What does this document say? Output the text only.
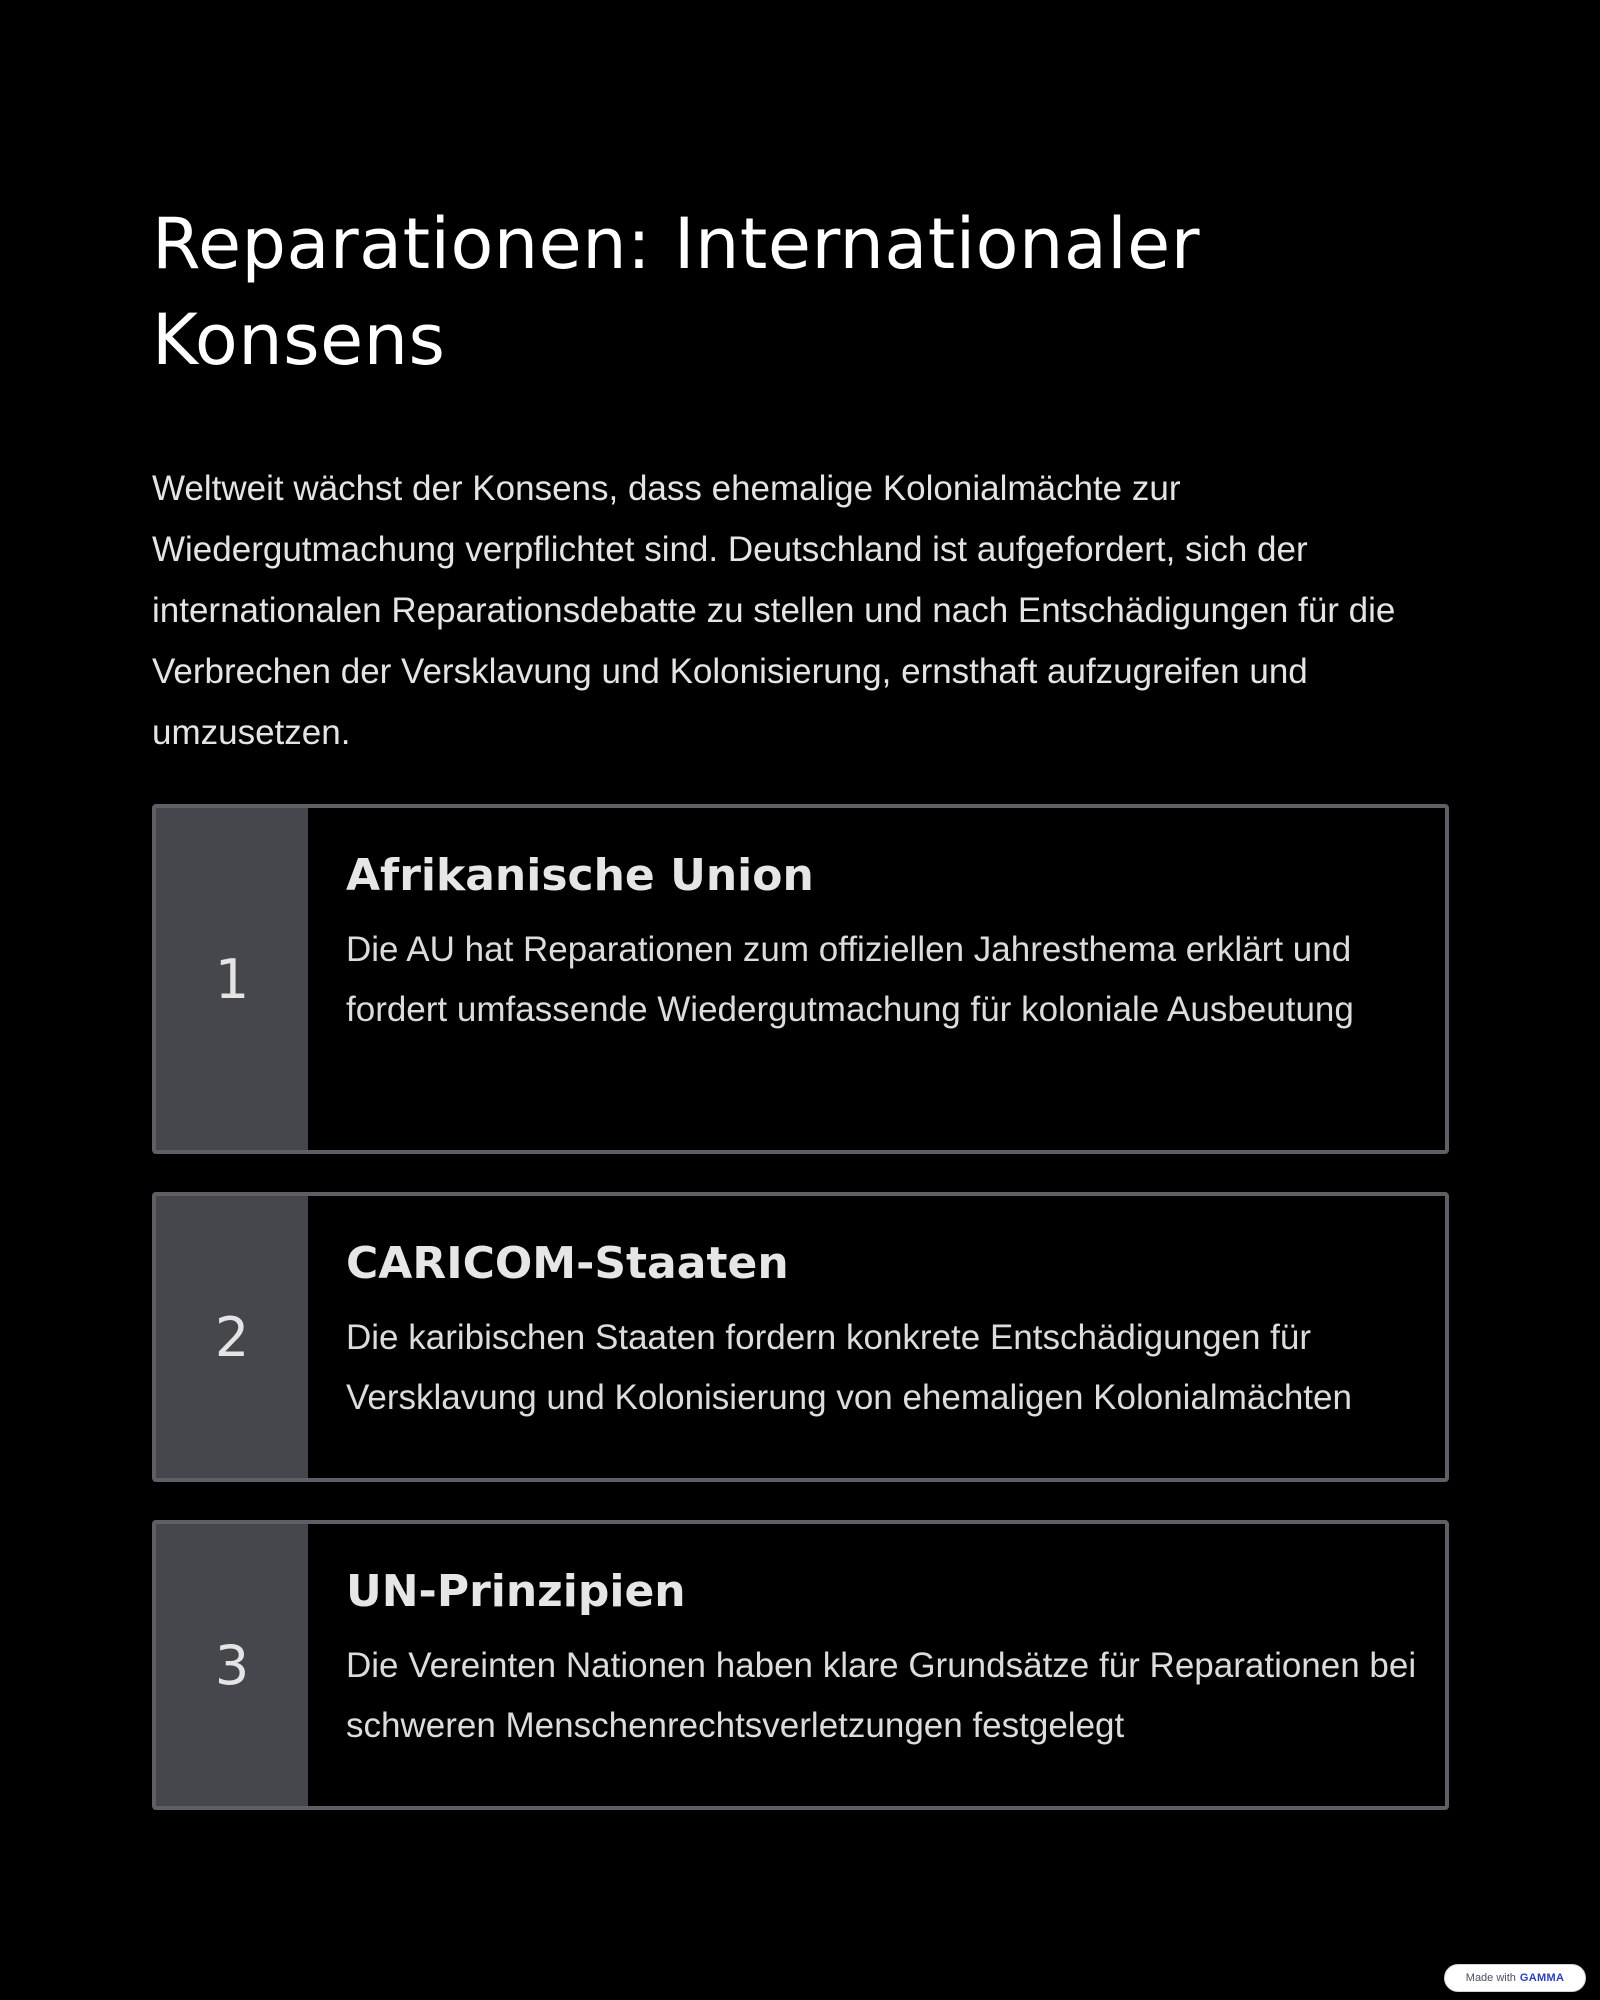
Reparationen: Internationaler
Konsens

Weltweit wächst der Konsens, dass ehemalige Kolonialmächte zur Wiedergutmachung verpflichtet sind. Deutschland ist aufgefordert, sich der internationalen Reparationsdebatte zu stellen und nach Entschädigungen für die Verbrechen der Versklavung und Kolonisierung, ernsthaft aufzugreifen und umzusetzen.

1
Afrikanische Union

Die AU hat Reparationen zum offiziellen Jahresthema erklärt und fordert umfassende Wiedergutmachung für koloniale Ausbeutung

2
CARICOM-Staaten

Die karibischen Staaten fordern konkrete Entschädigungen für Versklavung und Kolonisierung von ehemaligen Kolonialmächten

3
UN-Prinzipien

Die Vereinten Nationen haben klare Grundsätze für Reparationen bei schweren Menschenrechtsverletzungen festgelegt

Made with GAMMA
